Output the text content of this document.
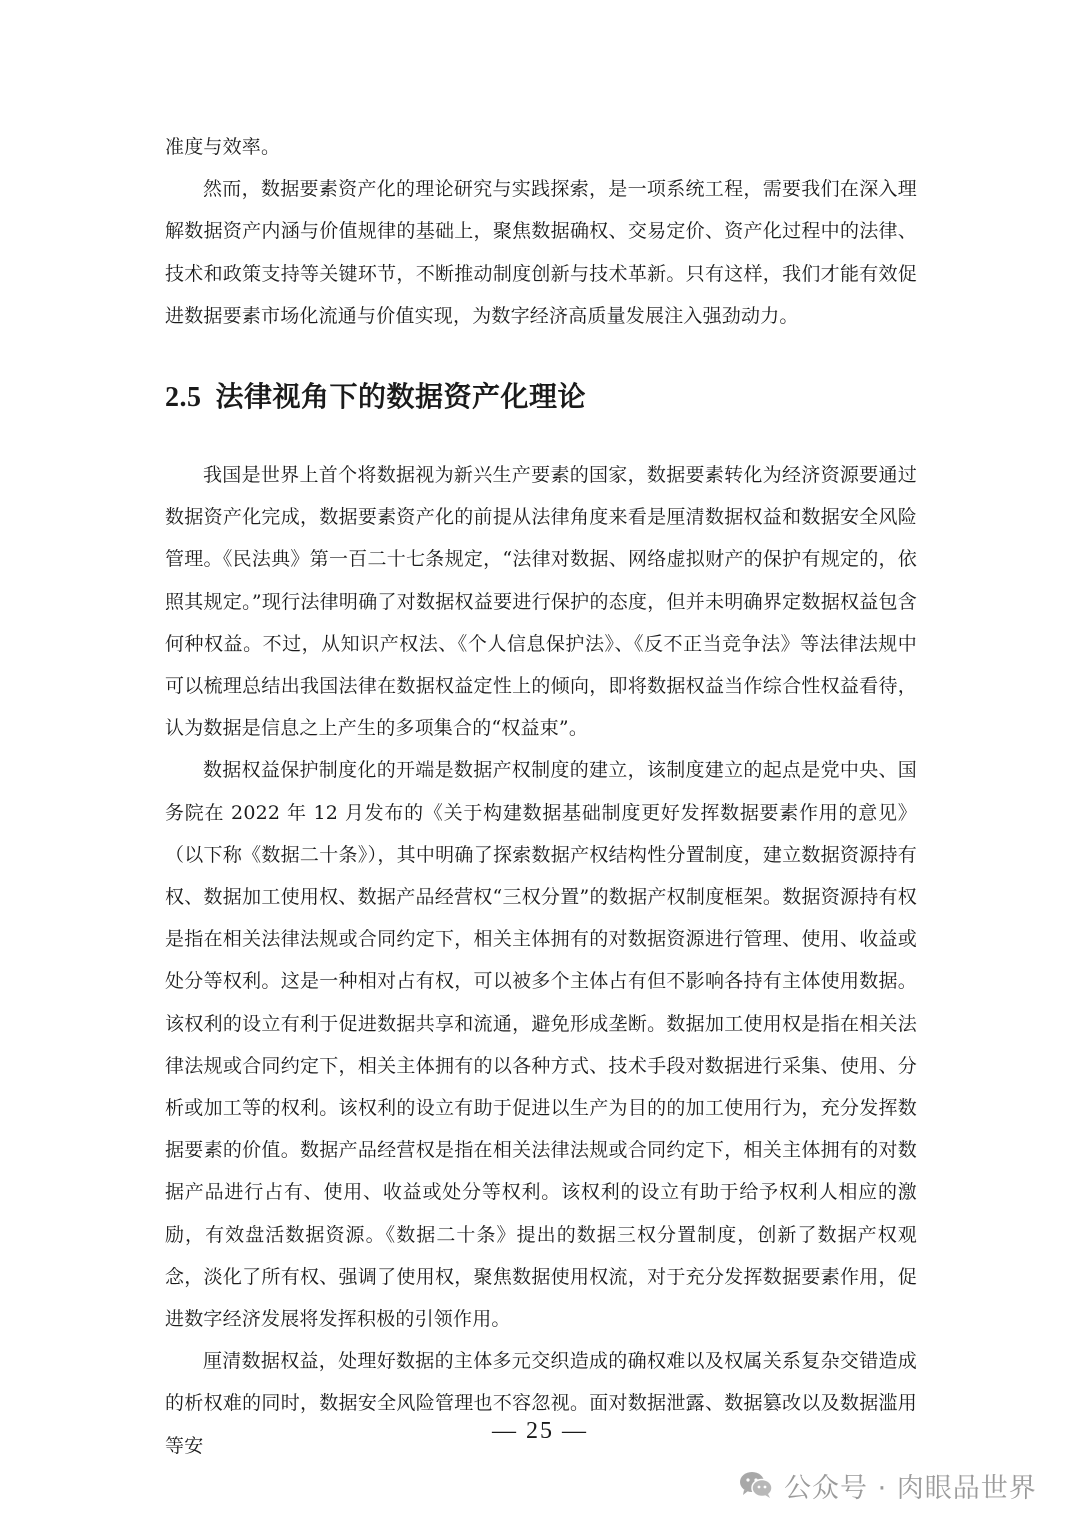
准度与效率。

然而，数据要素资产化的理论研究与实践探索，是一项系统工程，需要我们在深入理解数据资产内涵与价值规律的基础上，聚焦数据确权、交易定价、资产化过程中的法律、技术和政策支持等关键环节，不断推动制度创新与技术革新。只有这样，我们才能有效促进数据要素市场化流通与价值实现，为数字经济高质量发展注入强劲动力。

2.5 法律视角下的数据资产化理论

我国是世界上首个将数据视为新兴生产要素的国家，数据要素转化为经济资源要通过数据资产化完成，数据要素资产化的前提从法律角度来看是厘清数据权益和数据安全风险管理。《民法典》第一百二十七条规定，“法律对数据、网络虚拟财产的保护有规定的，依照其规定。”现行法律明确了对数据权益要进行保护的态度，但并未明确界定数据权益包含何种权益。不过，从知识产权法、《个人信息保护法》、《反不正当竞争法》等法律法规中可以梳理总结出我国法律在数据权益定性上的倾向，即将数据权益当作综合性权益看待，认为数据是信息之上产生的多项集合的“权益束”。

数据权益保护制度化的开端是数据产权制度的建立，该制度建立的起点是党中央、国务院在 2022 年 12 月发布的《关于构建数据基础制度更好发挥数据要素作用的意见》（以下称《数据二十条》），其中明确了探索数据产权结构性分置制度，建立数据资源持有权、数据加工使用权、数据产品经营权“三权分置”的数据产权制度框架。数据资源持有权是指在相关法律法规或合同约定下，相关主体拥有的对数据资源进行管理、使用、收益或处分等权利。这是一种相对占有权，可以被多个主体占有但不影响各持有主体使用数据。该权利的设立有利于促进数据共享和流通，避免形成垄断。数据加工使用权是指在相关法律法规或合同约定下，相关主体拥有的以各种方式、技术手段对数据进行采集、使用、分析或加工等的权利。该权利的设立有助于促进以生产为目的的加工使用行为，充分发挥数据要素的价值。数据产品经营权是指在相关法律法规或合同约定下，相关主体拥有的对数据产品进行占有、使用、收益或处分等权利。该权利的设立有助于给予权利人相应的激励，有效盘活数据资源。《数据二十条》提出的数据三权分置制度，创新了数据产权观念，淡化了所有权、强调了使用权，聚焦数据使用权流，对于充分发挥数据要素作用，促进数字经济发展将发挥积极的引领作用。

厘清数据权益，处理好数据的主体多元交织造成的确权难以及权属关系复杂交错造成的析权难的同时，数据安全风险管理也不容忽视。面对数据泄露、数据篡改以及数据滥用等安

— 25 —
公众号 · 肉眼品世界
